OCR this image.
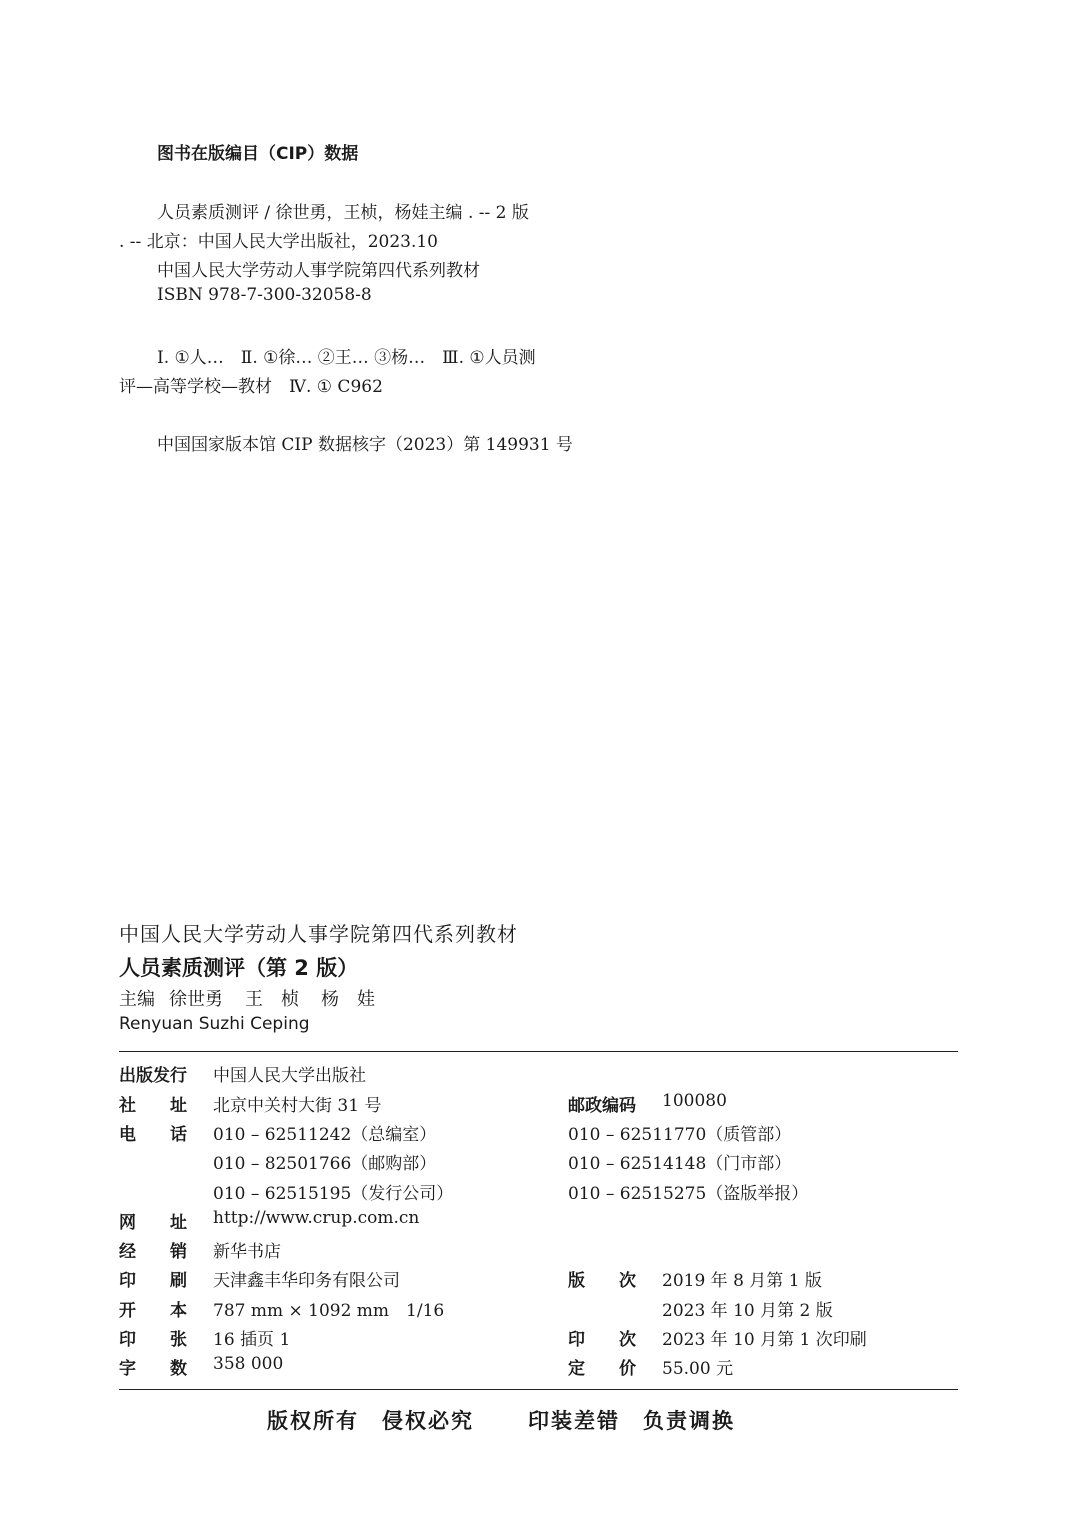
图书在版编目（CIP）数据
人员素质测评 / 徐世勇，王桢，杨娃主编 . -- 2 版
. -- 北京：中国人民大学出版社，2023.10
中国人民大学劳动人事学院第四代系列教材
ISBN 978-7-300-32058-8
Ⅰ. ①人…　Ⅱ. ①徐… ②王… ③杨…　Ⅲ. ①人员测
评—高等学校—教材　Ⅳ. ① C962
中国国家版本馆 CIP 数据核字（2023）第 149931 号
中国人民大学劳动人事学院第四代系列教材
人员素质测评（第 2 版）
主编 徐世勇 王　桢 杨　娃
Renyuan Suzhi Ceping
出版发行 中国人民大学出版社
社　　址 北京中关村大街 31 号
电　　话 010 – 62511242（总编室）
010 – 82501766（邮购部）
010 – 62515195（发行公司）
网　　址 http://www.crup.com.cn
经　　销 新华书店
印　　刷 天津鑫丰华印务有限公司
开　　本 787 mm × 1092 mm　1/16
印　　张 16 插页 1
字　　数 358 000
邮政编码 100080
010 – 62511770（质管部）
010 – 62514148（门市部）
010 – 62515275（盗版举报）
版　　次 2019 年 8 月第 1 版
2023 年 10 月第 2 版
印　　次 2023 年 10 月第 1 次印刷
定　　价 55.00 元
版权所有　侵权必究	印装差错　负责调换
